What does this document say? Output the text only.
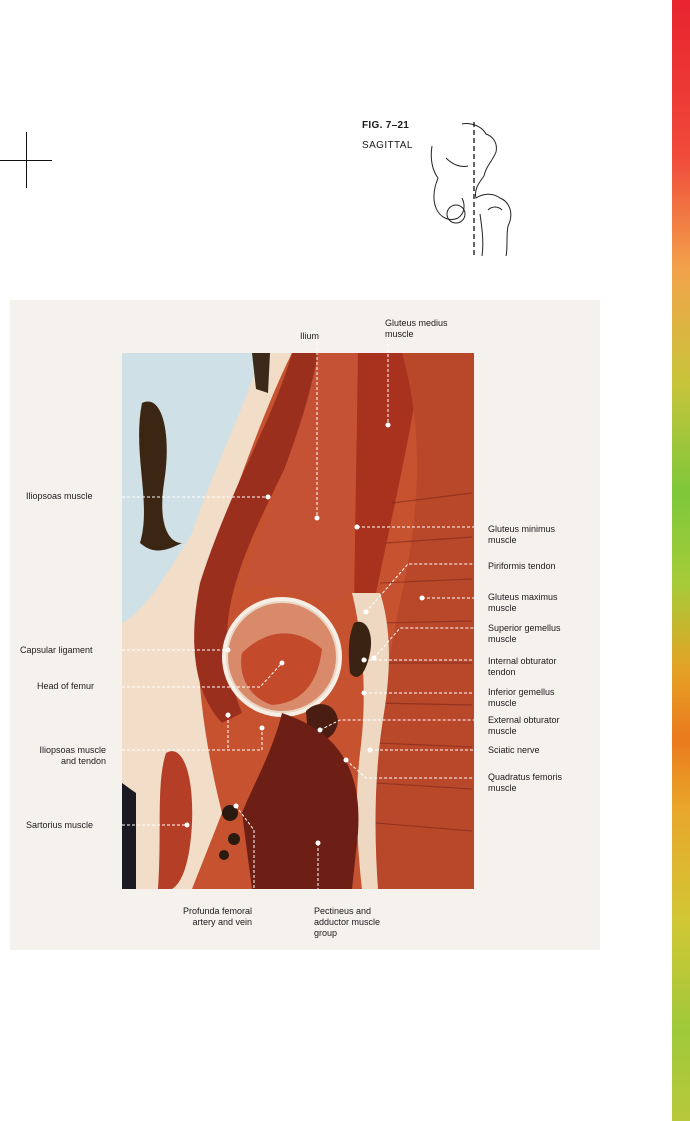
FIG. 7–21
SAGITTAL
Ilium
Gluteus medius
muscle
Iliopsoas muscle
Gluteus minimus
muscle
Piriformis tendon
Gluteus maximus
muscle
Superior gemellus
muscle
Capsular ligament
Internal obturator
tendon
Head of femur
Inferior gemellus
muscle
External obturator
muscle
Iliopsoas muscle
and tendon
Sciatic nerve
Quadratus femoris
muscle
Sartorius muscle
Profunda femoral
artery and vein
Pectineus and
adductor muscle
group
